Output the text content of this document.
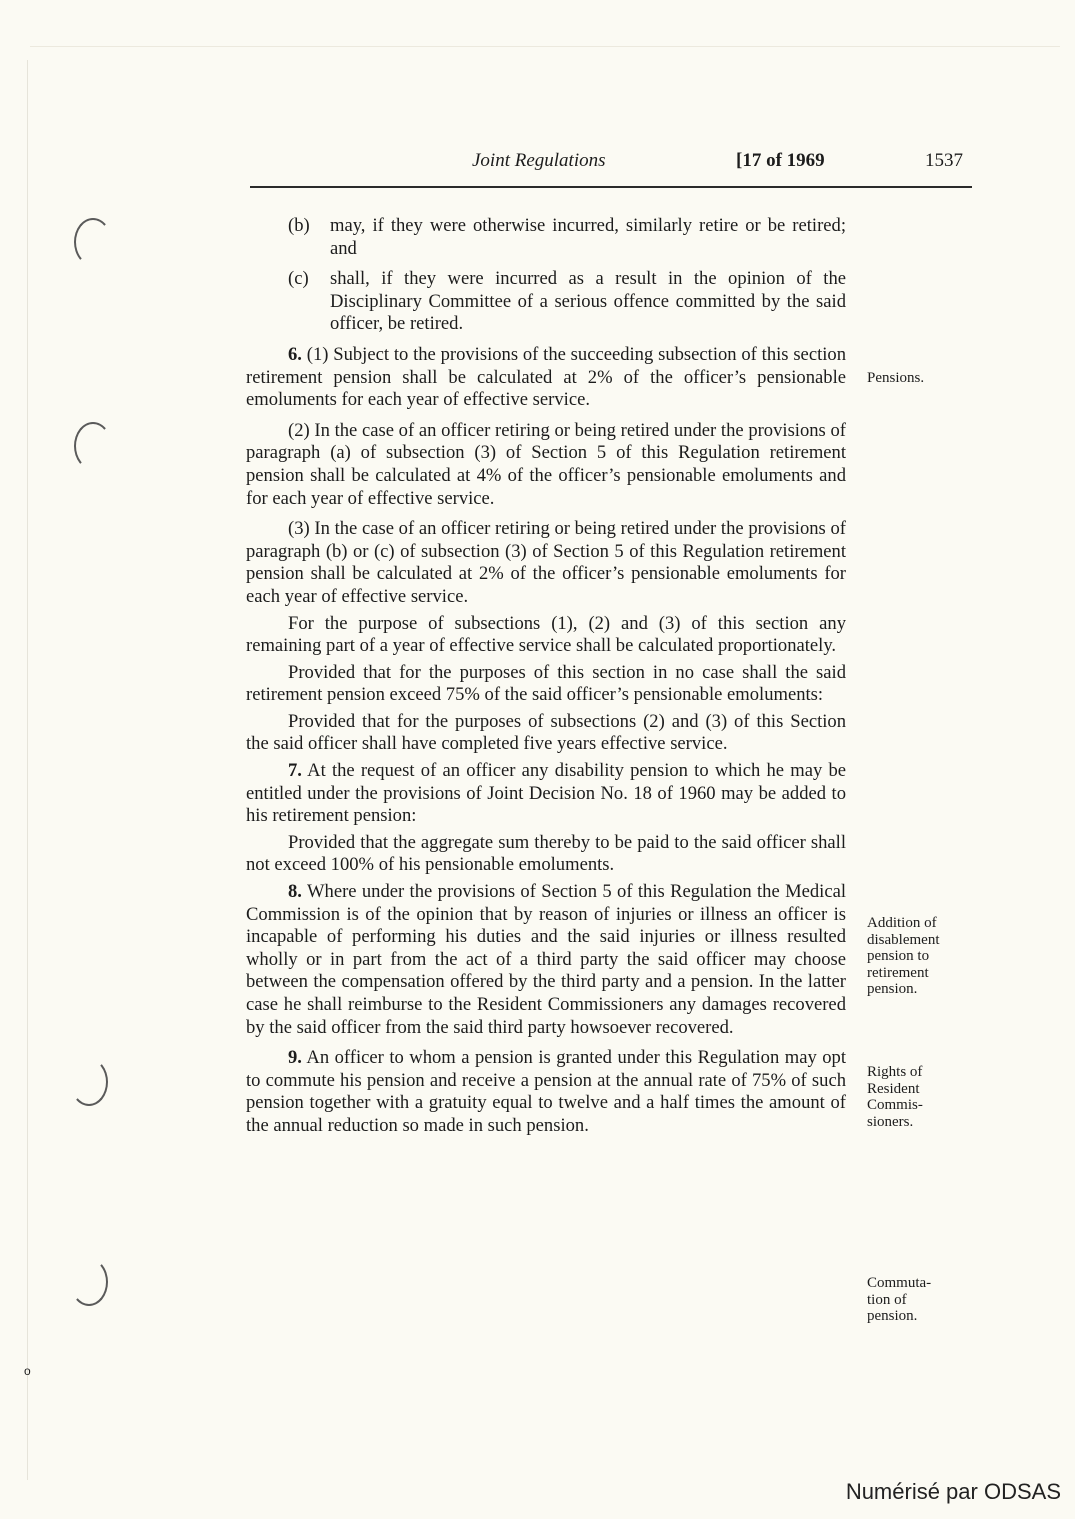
Joint Regulations	[17 of 1969	1537
(b)	may, if they were otherwise incurred, similarly retire or be retired; and
(c)	shall, if they were incurred as a result in the opinion of the Disciplinary Committee of a serious offence committed by the said officer, be retired.

6. (1) Subject to the provisions of the succeeding subsection of this section retirement pension shall be calculated at 2% of the officer’s pensionable emoluments for each year of effective service.

(2) In the case of an officer retiring or being retired under the provisions of paragraph (a) of subsection (3) of Section 5 of this Regulation retirement pension shall be calculated at 4% of the officer’s pensionable emoluments and for each year of effective service.

(3) In the case of an officer retiring or being retired under the provisions of paragraph (b) or (c) of subsection (3) of Section 5 of this Regulation retirement pension shall be calculated at 2% of the officer’s pensionable emoluments for each year of effective service.

For the purpose of subsections (1), (2) and (3) of this section any remaining part of a year of effective service shall be calculated proportionately.

Provided that for the purposes of this section in no case shall the said retirement pension exceed 75% of the said officer’s pensionable emoluments:

Provided that for the purposes of subsections (2) and (3) of this Section the said officer shall have completed five years effective service.

7. At the request of an officer any disability pension to which he may be entitled under the provisions of Joint Decision No. 18 of 1960 may be added to his retirement pension:

Provided that the aggregate sum thereby to be paid to the said officer shall not exceed 100% of his pensionable emoluments.

8. Where under the provisions of Section 5 of this Regulation the Medical Commission is of the opinion that by reason of injuries or illness an officer is incapable of performing his duties and the said injuries or illness resulted wholly or in part from the act of a third party the said officer may choose between the compensation offered by the third party and a pension. In the latter case he shall reimburse to the Resident Commissioners any damages recovered by the said officer from the said third party howsoever recovered.

9. An officer to whom a pension is granted under this Regulation may opt to commute his pension and receive a pension at the annual rate of 75% of such pension together with a gratuity equal to twelve and a half times the amount of the annual reduction so made in such pension.

Pensions.
Addition of disablement pension to retirement pension.
Rights of Resident Commis-sioners.
Commuta-tion of pension.
o
Numérisé par ODSAS
